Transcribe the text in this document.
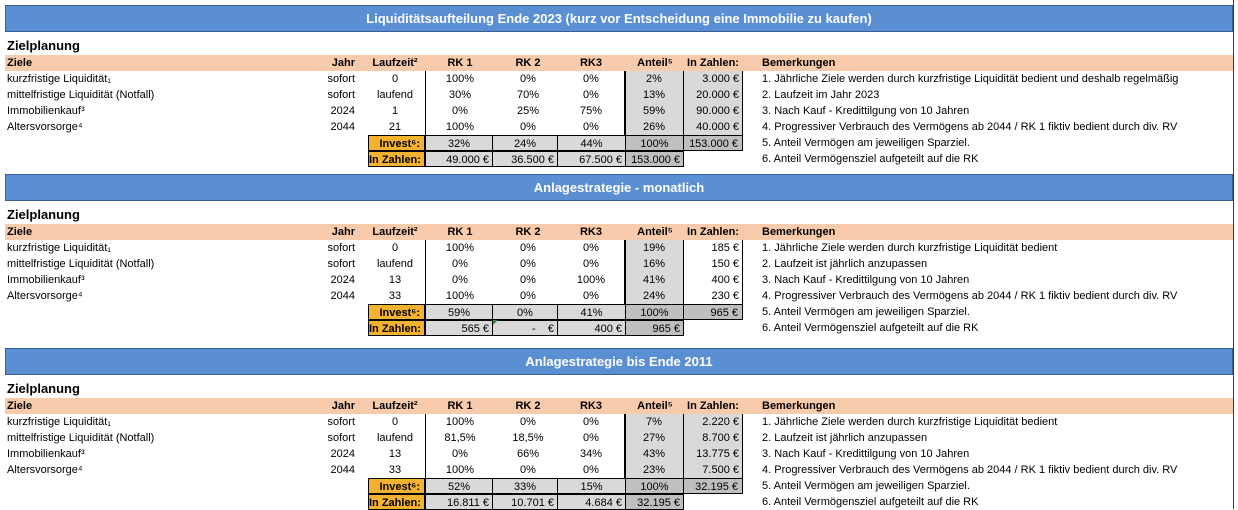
Liquiditätsaufteilung Ende 2023 (kurz vor Entscheidung eine Immobilie zu kaufen)
Zielplanung
Ziele	Jahr Laufzeit²	RK 1	RK 2	RK3	Anteil⁵	In Zahlen:	Bemerkungen
kurzfristige Liquidität₁	sofort	0	100%	0%	0%	2%	3.000 € 1. Jährliche Ziele werden durch kurzfristige Liquidität bedient und deshalb regelmäßig
mittelfristige Liquidität (Notfall)	sofort	laufend	30%	70%	0%	13%	20.000 € 2. Laufzeit im Jahr 2023
Immobilienkauf³	2024	1	0%	25%	75%	59%	90.000 € 3. Nach Kauf - Kredittilgung von 10 Jahren
Altersvorsorge⁴	2044	21	100%	0%	0%	26%	40.000 € 4. Progressiver Verbrauch des Vermögens ab 2044 / RK 1 fiktiv bedient durch div. RV
Invest⁶:	32%	24%	44%	100%	153.000 €	5. Anteil Vermögen am jeweiligen Sparziel.
In Zahlen:	49.000 €	36.500 €	67.500 € 153.000 €	6. Anteil Vermögensziel aufgeteilt auf die RK
Anlagestrategie - monatlich
Zielplanung
Ziele	Jahr Laufzeit²	RK 1	RK 2	RK3	Anteil⁵	In Zahlen:	Bemerkungen
kurzfristige Liquidität₁	sofort	0	100%	0%	0%	19%	185 € 1. Jährliche Ziele werden durch kurzfristige Liquidität bedient
mittelfristige Liquidität (Notfall)	sofort	laufend	0%	0%	0%	16%	150 € 2. Laufzeit ist jährlich anzupassen
Immobilienkauf³	2024	13	0%	0%	100%	41%	400 € 3. Nach Kauf - Kredittilgung von 10 Jahren
Altersvorsorge⁴	2044	33	100%	0%	0%	24%	230 € 4. Progressiver Verbrauch des Vermögens ab 2044 / RK 1 fiktiv bedient durch div. RV
Invest⁶:	59%	0%	41%	100%	965 €	5. Anteil Vermögen am jeweiligen Sparziel.
In Zahlen:	565 €	-    €	400 €	965 €	6. Anteil Vermögensziel aufgeteilt auf die RK
Anlagestrategie bis Ende 2011
Zielplanung
Ziele	Jahr Laufzeit²	RK 1	RK 2	RK3	Anteil⁵	In Zahlen:	Bemerkungen
kurzfristige Liquidität₁	sofort	0	100%	0%	0%	7%	2.220 € 1. Jährliche Ziele werden durch kurzfristige Liquidität bedient
mittelfristige Liquidität (Notfall)	sofort	laufend	81,5%	18,5%	0%	27%	8.700 € 2. Laufzeit ist jährlich anzupassen
Immobilienkauf³	2024	13	0%	66%	34%	43%	13.775 € 3. Nach Kauf - Kredittilgung von 10 Jahren
Altersvorsorge⁴	2044	33	100%	0%	0%	23%	7.500 € 4. Progressiver Verbrauch des Vermögens ab 2044 / RK 1 fiktiv bedient durch div. RV
Invest⁶:	52%	33%	15%	100%	32.195 €	5. Anteil Vermögen am jeweiligen Sparziel.
In Zahlen:	16.811 €	10.701 €	4.684 €	32.195 €	6. Anteil Vermögensziel aufgeteilt auf die RK
